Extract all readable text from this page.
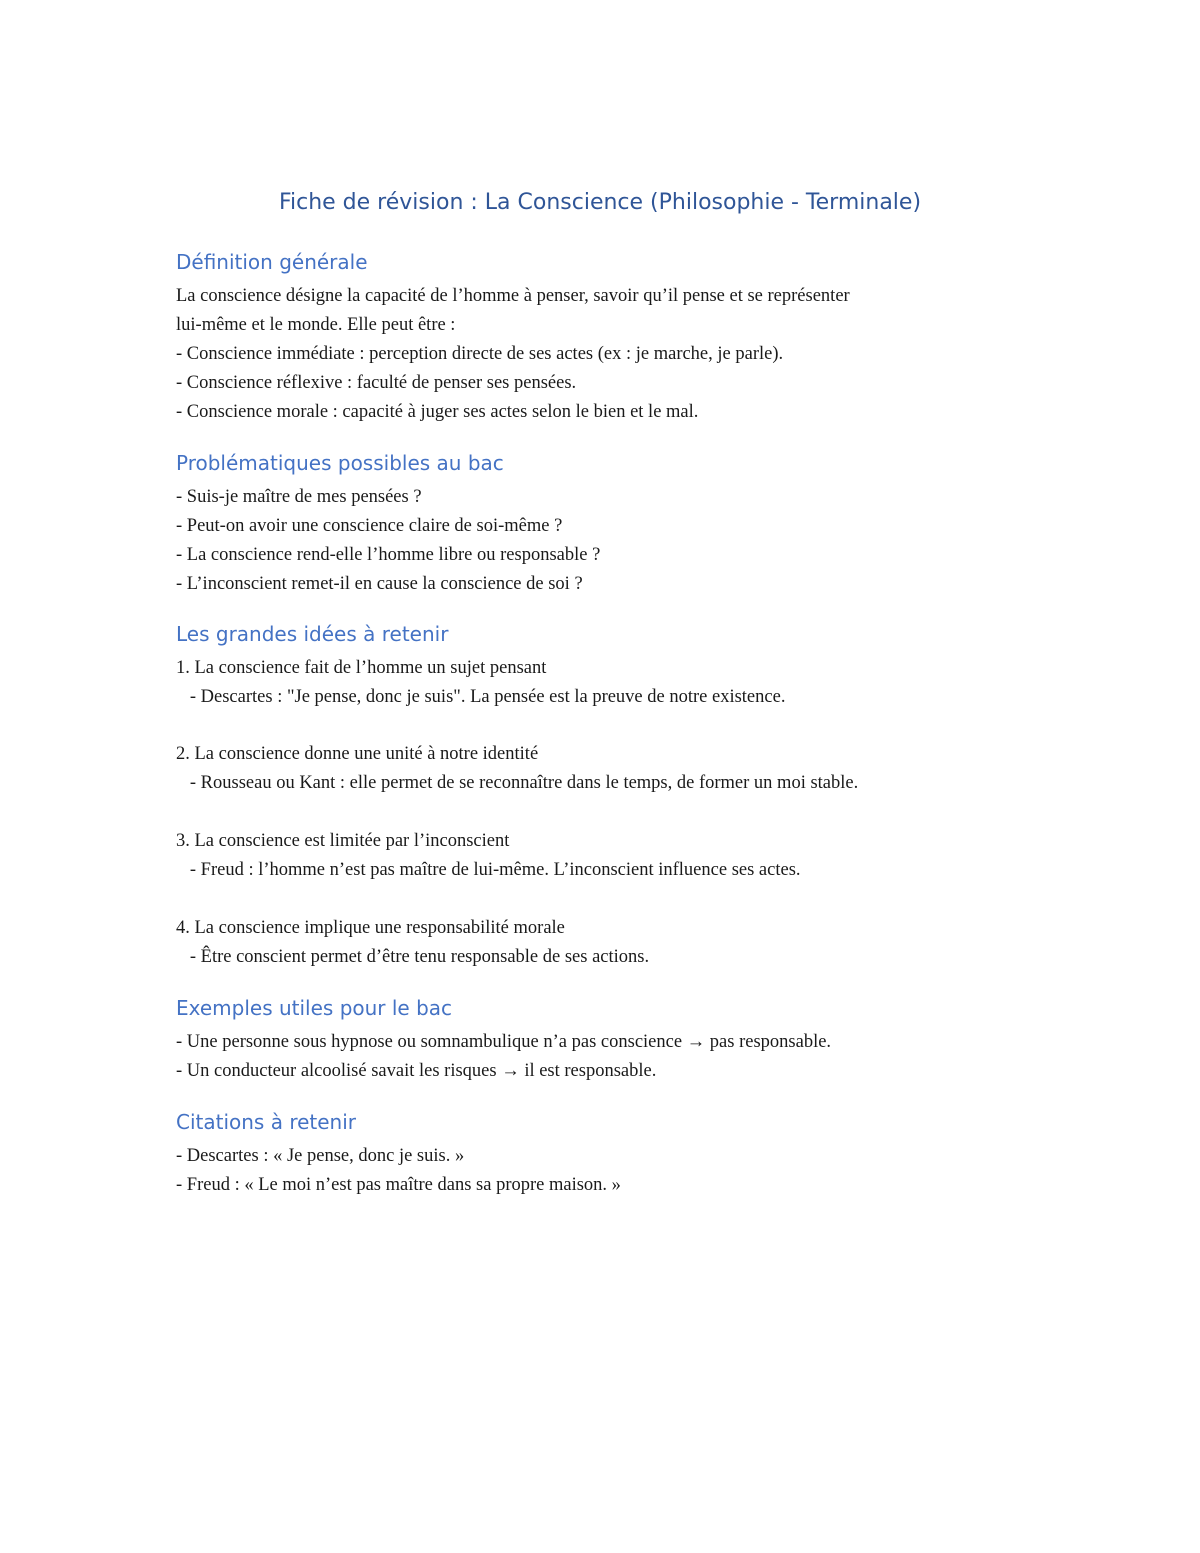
Fiche de révision : La Conscience (Philosophie - Terminale)
Définition générale

La conscience désigne la capacité de l’homme à penser, savoir qu’il pense et se représenter

lui-même et le monde. Elle peut être :

- Conscience immédiate : perception directe de ses actes (ex : je marche, je parle).

- Conscience réflexive : faculté de penser ses pensées.

- Conscience morale : capacité à juger ses actes selon le bien et le mal.

Problématiques possibles au bac

- Suis-je maître de mes pensées ?

- Peut-on avoir une conscience claire de soi-même ?

- La conscience rend-elle l’homme libre ou responsable ?

- L’inconscient remet-il en cause la conscience de soi ?

Les grandes idées à retenir

1. La conscience fait de l’homme un sujet pensant

- Descartes : "Je pense, donc je suis". La pensée est la preuve de notre existence.

2. La conscience donne une unité à notre identité

- Rousseau ou Kant : elle permet de se reconnaître dans le temps, de former un moi stable.

3. La conscience est limitée par l’inconscient

- Freud : l’homme n’est pas maître de lui-même. L’inconscient influence ses actes.

4. La conscience implique une responsabilité morale

- Être conscient permet d’être tenu responsable de ses actions.

Exemples utiles pour le bac

- Une personne sous hypnose ou somnambulique n’a pas conscience → pas responsable.

- Un conducteur alcoolisé savait les risques → il est responsable.

Citations à retenir

- Descartes : « Je pense, donc je suis. »

- Freud : « Le moi n’est pas maître dans sa propre maison. »
